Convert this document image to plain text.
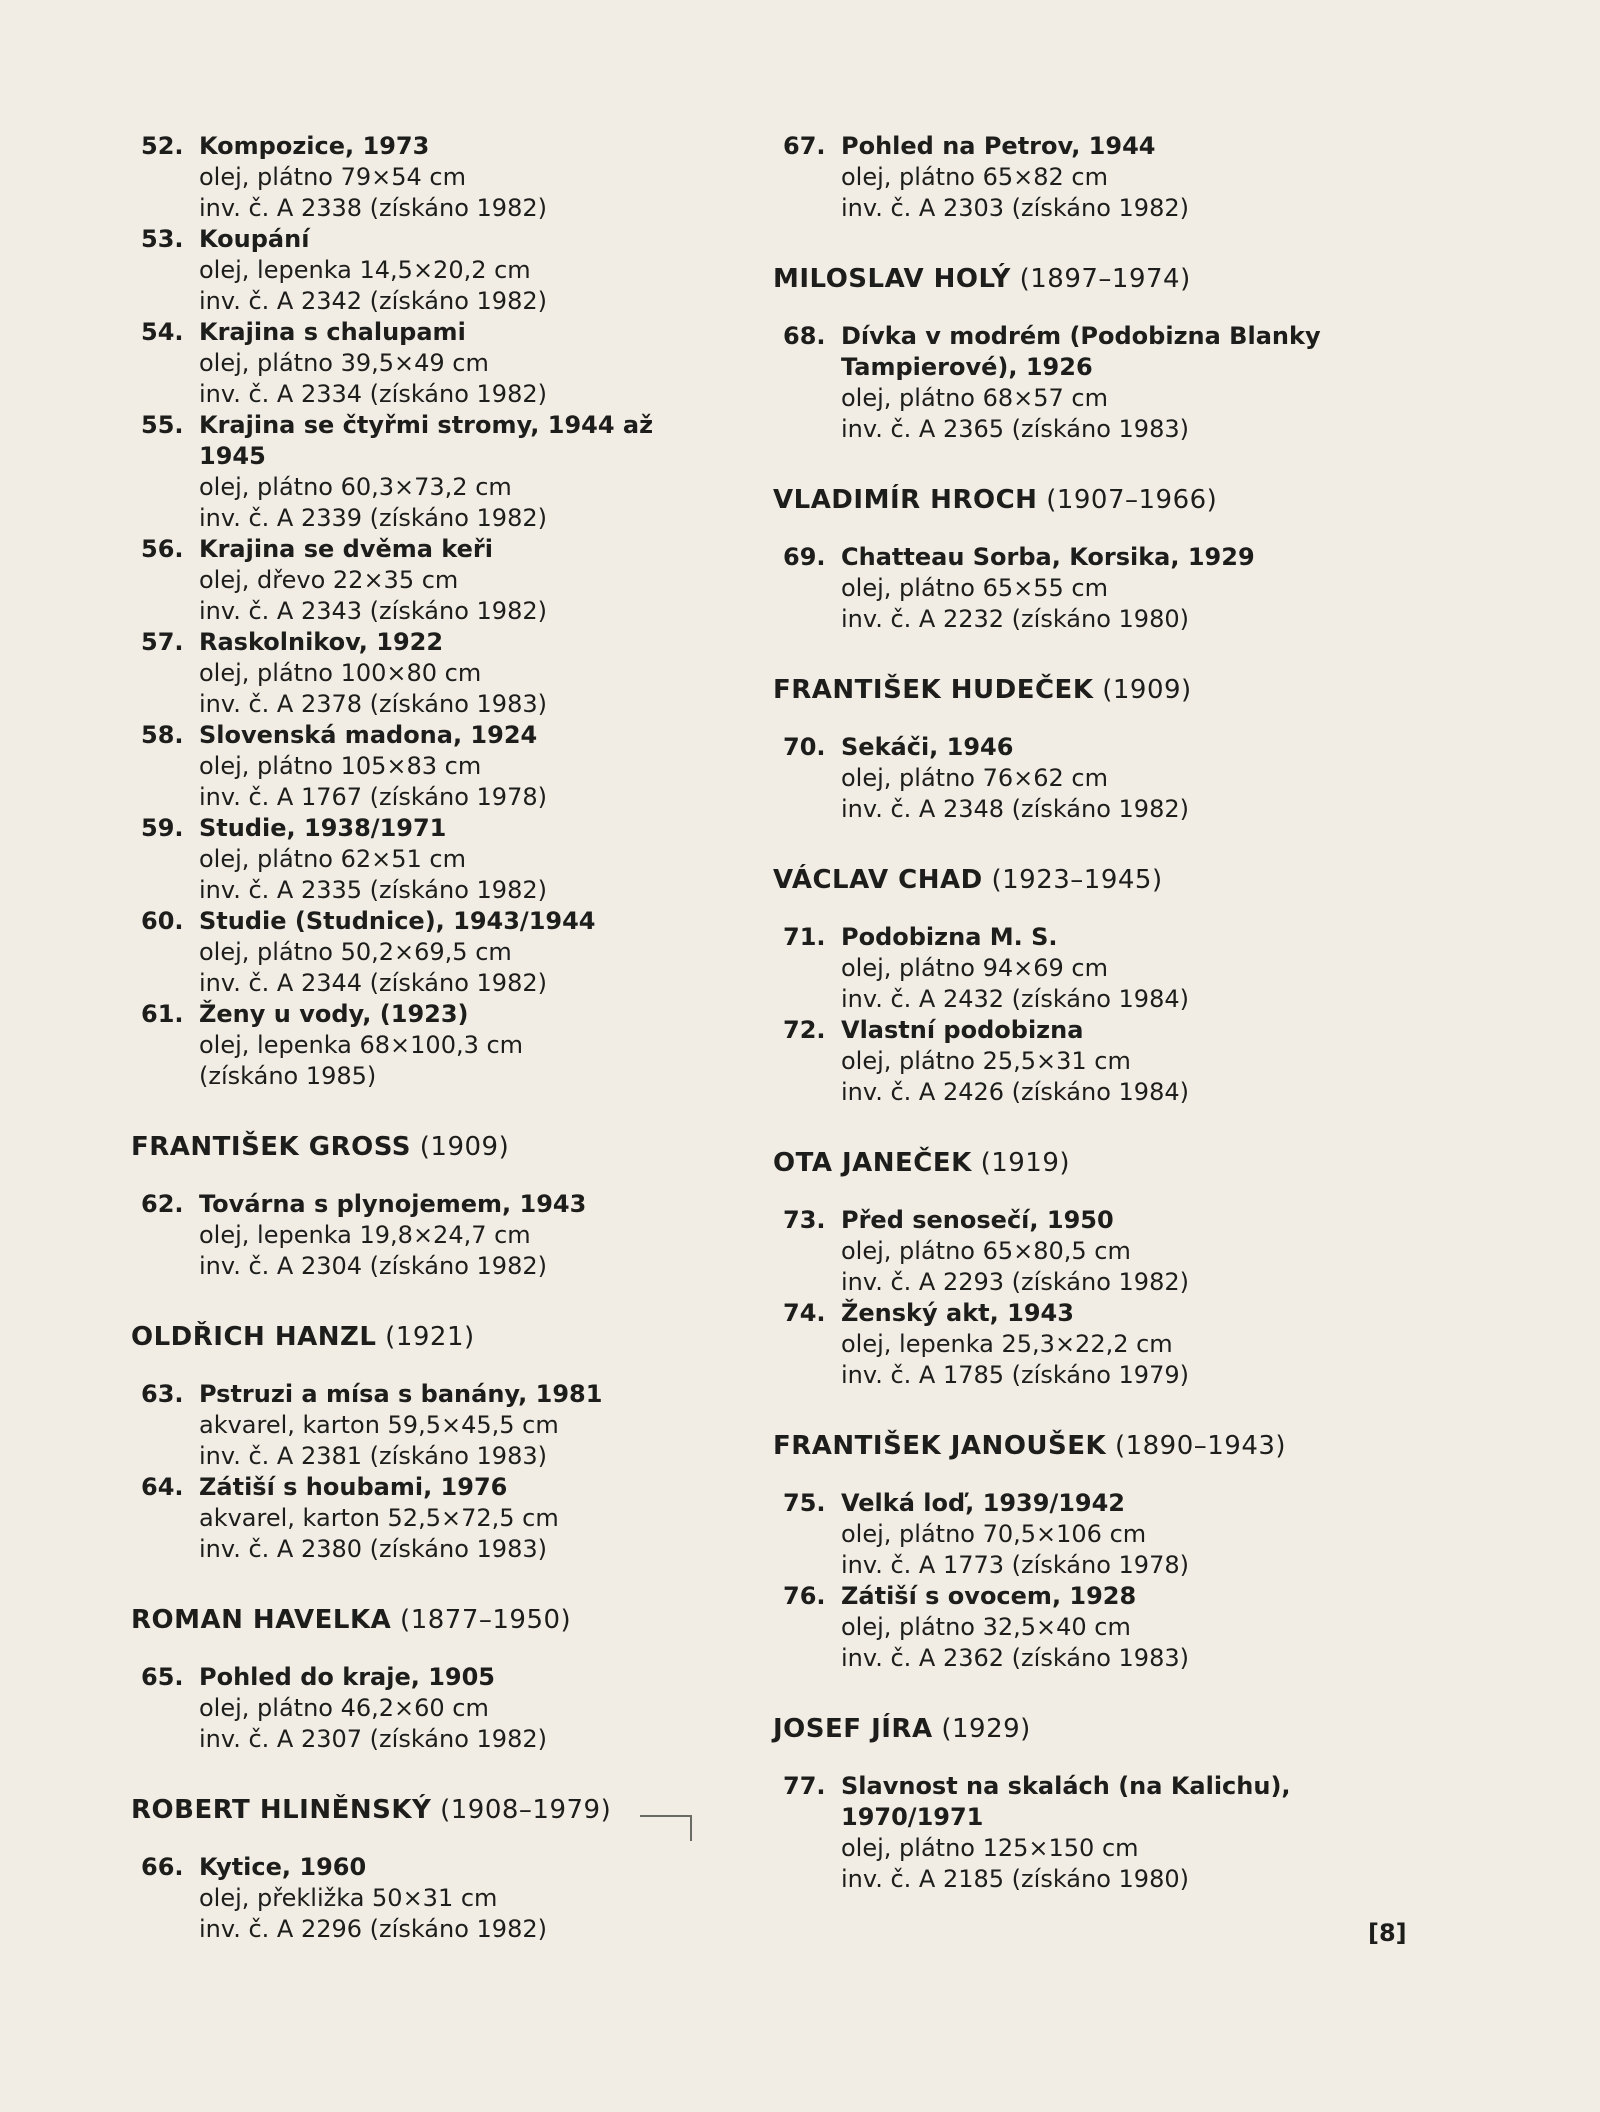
52. Kompozice, 1973
olej, plátno 79⨯54 cm
inv. č. A 2338 (získáno 1982)
53. Koupání
olej, lepenka 14,5⨯20,2 cm
inv. č. A 2342 (získáno 1982)
54. Krajina s chalupami
olej, plátno 39,5⨯49 cm
inv. č. A 2334 (získáno 1982)
55. Krajina se čtyřmi stromy, 1944 až 1945
olej, plátno 60,3⨯73,2 cm
inv. č. A 2339 (získáno 1982)
56. Krajina se dvěma keři
olej, dřevo 22⨯35 cm
inv. č. A 2343 (získáno 1982)
57. Raskolnikov, 1922
olej, plátno 100⨯80 cm
inv. č. A 2378 (získáno 1983)
58. Slovenská madona, 1924
olej, plátno 105⨯83 cm
inv. č. A 1767 (získáno 1978)
59. Studie, 1938/1971
olej, plátno 62⨯51 cm
inv. č. A 2335 (získáno 1982)
60. Studie (Studnice), 1943/1944
olej, plátno 50,2⨯69,5 cm
inv. č. A 2344 (získáno 1982)
61. Ženy u vody, (1923)
olej, lepenka 68⨯100,3 cm
(získáno 1985)
FRANTIŠEK GROSS (1909)
62. Továrna s plynojemem, 1943
olej, lepenka 19,8⨯24,7 cm
inv. č. A 2304 (získáno 1982)
OLDŘICH HANZL (1921)
63. Pstruzi a mísa s banány, 1981
akvarel, karton 59,5⨯45,5 cm
inv. č. A 2381 (získáno 1983)
64. Zátiší s houbami, 1976
akvarel, karton 52,5⨯72,5 cm
inv. č. A 2380 (získáno 1983)
ROMAN HAVELKA (1877–1950)
65. Pohled do kraje, 1905
olej, plátno 46,2⨯60 cm
inv. č. A 2307 (získáno 1982)
ROBERT HLINĚNSKÝ (1908–1979)
66. Kytice, 1960
olej, překližka 50⨯31 cm
inv. č. A 2296 (získáno 1982)
67. Pohled na Petrov, 1944
olej, plátno 65⨯82 cm
inv. č. A 2303 (získáno 1982)
MILOSLAV HOLÝ (1897–1974)
68. Dívka v modrém (Podobizna Blanky Tampierové), 1926
olej, plátno 68⨯57 cm
inv. č. A 2365 (získáno 1983)
VLADIMÍR HROCH (1907–1966)
69. Chatteau Sorba, Korsika, 1929
olej, plátno 65⨯55 cm
inv. č. A 2232 (získáno 1980)
FRANTIŠEK HUDEČEK (1909)
70. Sekáči, 1946
olej, plátno 76⨯62 cm
inv. č. A 2348 (získáno 1982)
VÁCLAV CHAD (1923–1945)
71. Podobizna M. S.
olej, plátno 94⨯69 cm
inv. č. A 2432 (získáno 1984)
72. Vlastní podobizna
olej, plátno 25,5⨯31 cm
inv. č. A 2426 (získáno 1984)
OTA JANEČEK (1919)
73. Před senosečí, 1950
olej, plátno 65⨯80,5 cm
inv. č. A 2293 (získáno 1982)
74. Ženský akt, 1943
olej, lepenka 25,3⨯22,2 cm
inv. č. A 1785 (získáno 1979)
FRANTIŠEK JANOUŠEK (1890–1943)
75. Velká loď, 1939/1942
olej, plátno 70,5⨯106 cm
inv. č. A 1773 (získáno 1978)
76. Zátiší s ovocem, 1928
olej, plátno 32,5⨯40 cm
inv. č. A 2362 (získáno 1983)
JOSEF JÍRA (1929)
77. Slavnost na skalách (na Kalichu), 1970/1971
olej, plátno 125⨯150 cm
inv. č. A 2185 (získáno 1980)
[8]
